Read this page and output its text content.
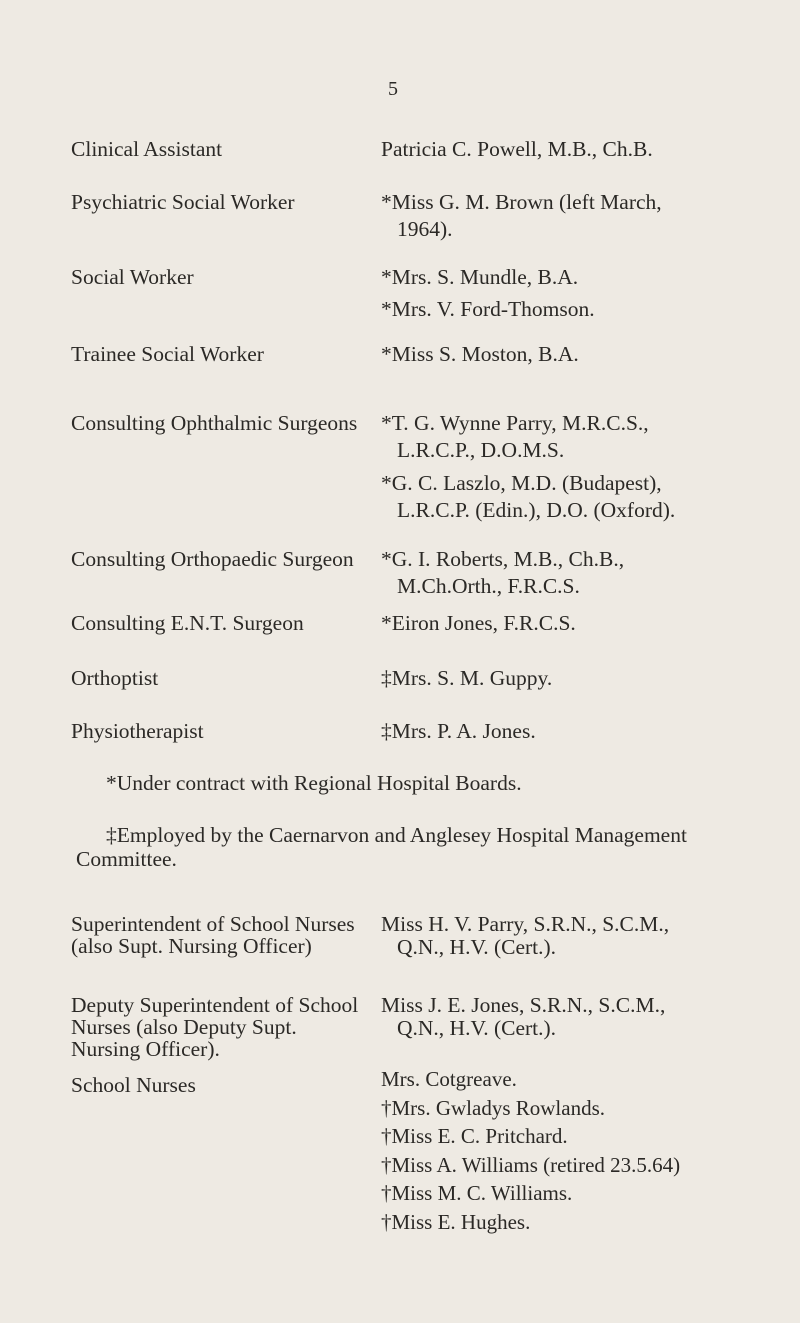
5
Clinical Assistant	Patricia C. Powell, M.B., Ch.B.
Psychiatric Social Worker	*Miss G. M. Brown (left March,

1964).
Social Worker	*Mrs. S. Mundle, B.A.
*Mrs. V. Ford-Thomson.
Trainee Social Worker	*Miss S. Moston, B.A.
Consulting Ophthalmic Surgeons	*T. G. Wynne Parry, M.R.C.S.,
L.R.C.P., D.O.M.S.
*G. C. Laszlo, M.D. (Budapest),
L.R.C.P. (Edin.), D.O. (Oxford).
Consulting Orthopaedic Surgeon	*G. I. Roberts, M.B., Ch.B.,
M.Ch.Orth., F.R.C.S.
Consulting E.N.T. Surgeon	*Eiron Jones, F.R.C.S.
Orthoptist	‡Mrs. S. M. Guppy.
Physiotherapist	‡Mrs. P. A. Jones.
*Under contract with Regional Hospital Boards.
‡Employed by the Caernarvon and Anglesey Hospital Management
Committee.
Superintendent of School Nurses
(also Supt. Nursing Officer)
Miss H. V. Parry, S.R.N., S.C.M.,
Q.N., H.V. (Cert.).
Deputy Superintendent of School
Nurses (also Deputy Supt.
Nursing Officer).
Miss J. E. Jones, S.R.N., S.C.M.,
Q.N., H.V. (Cert.).
School Nurses	Mrs. Cotgreave.
†Mrs. Gwladys Rowlands.
†Miss E. C. Pritchard.
†Miss A. Williams (retired 23.5.64)
†Miss M. C. Williams.
†Miss E. Hughes.
